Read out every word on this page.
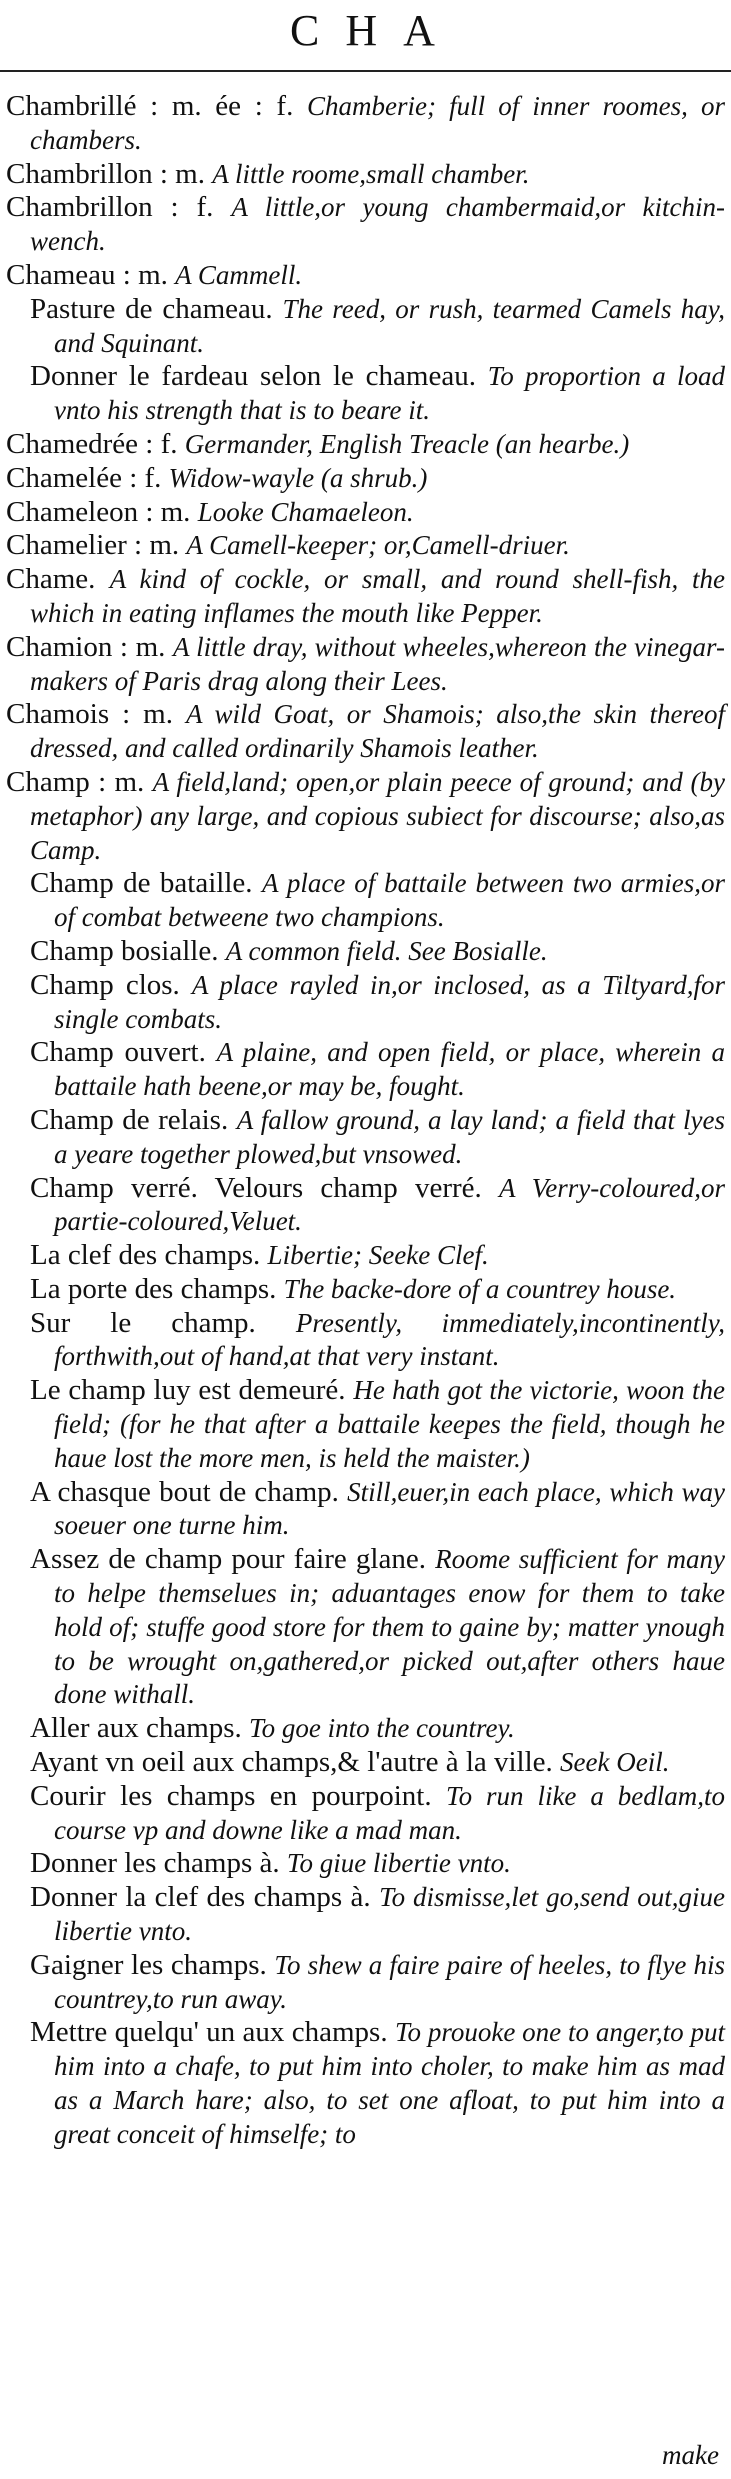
CHA
Chambrillé : m. ée : f. Chamberie; full of inner roomes, or chambers.
Chambrillon : m. A little roome,small chamber.
Chambrillon : f. A little,or young chambermaid,or kitchin-wench.
Chameau : m. A Cammell.
Pasture de chameau. The reed, or rush, tearmed Camels hay, and Squinant.
Donner le fardeau selon le chameau. To proportion a load vnto his strength that is to beare it.
Chamedrée : f. Germander, English Treacle (an hearbe.)
Chamelée : f. Widow-wayle (a shrub.)
Chameleon : m. Looke Chamaeleon.
Chamelier : m. A Camell-keeper; or,Camell-driuer.
Chame. A kind of cockle, or small, and round shell-fish, the which in eating inflames the mouth like Pepper.
Chamion : m. A little dray, without wheeles,whereon the vinegar-makers of Paris drag along their Lees.
Chamois : m. A wild Goat, or Shamois; also,the skin thereof dressed, and called ordinarily Shamois leather.
Champ : m. A field,land; open,or plain peece of ground; and (by metaphor) any large, and copious subiect for discourse; also,as Camp.
Champ de bataille. A place of battaile between two armies,or of combat betweene two champions.
Champ bosialle. A common field. See Bosialle.
Champ clos. A place rayled in,or inclosed, as a Tiltyard,for single combats.
Champ ouvert. A plaine, and open field, or place, wherein a battaile hath beene,or may be, fought.
Champ de relais. A fallow ground, a lay land; a field that lyes a yeare together plowed,but vnsowed.
Champ verré. Velours champ verré. A Verry-coloured,or partie-coloured,Veluet.
La clef des champs. Libertie; Seeke Clef.
La porte des champs. The backe-dore of a countrey house.
Sur le champ. Presently, immediately,incontinently, forthwith,out of hand,at that very instant.
Le champ luy est demeuré. He hath got the victorie, woon the field; (for he that after a battaile keepes the field, though he haue lost the more men, is held the maister.)
A chasque bout de champ. Still,euer,in each place, which way soeuer one turne him.
Assez de champ pour faire glane. Roome sufficient for many to helpe themselues in; aduantages enow for them to take hold of; stuffe good store for them to gaine by; matter ynough to be wrought on,gathered,or picked out,after others haue done withall.
Aller aux champs. To goe into the countrey.
Ayant vn oeil aux champs,& l'autre à la ville. Seek Oeil.
Courir les champs en pourpoint. To run like a bedlam,to course vp and downe like a mad man.
Donner les champs à. To giue libertie vnto.
Donner la clef des champs à. To dismisse,let go,send out,giue libertie vnto.
Gaigner les champs. To shew a faire paire of heeles, to flye his countrey,to run away.
Mettre quelqu' un aux champs. To prouoke one to anger,to put him into a chafe, to put him into choler, to make him as mad as a March hare; also, to set one afloat, to put him into a great conceit of himselfe; to
make
